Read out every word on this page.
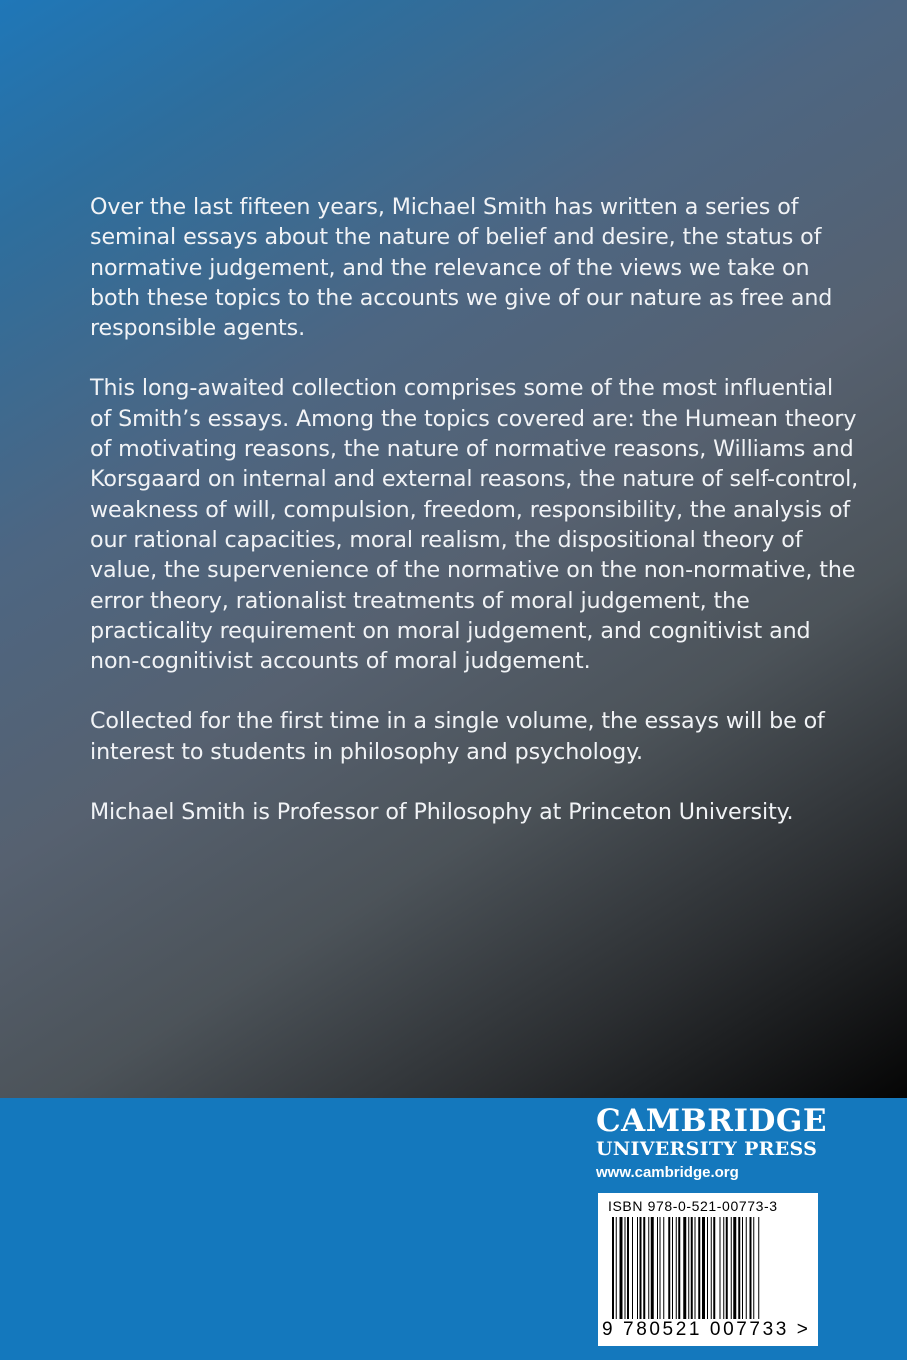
Over the last fifteen years, Michael Smith has written a series of seminal essays about the nature of belief and desire, the status of normative judgement, and the relevance of the views we take on both these topics to the accounts we give of our nature as free and responsible agents.

This long-awaited collection comprises some of the most influential of Smith’s essays. Among the topics covered are: the Humean theory of motivating reasons, the nature of normative reasons, Williams and Korsgaard on internal and external reasons, the nature of self-control, weakness of will, compulsion, freedom, responsibility, the analysis of our rational capacities, moral realism, the dispositional theory of value, the supervenience of the normative on the non-normative, the error theory, rationalist treatments of moral judgement, the practicality requirement on moral judgement, and cognitivist and non-cognitivist accounts of moral judgement.

Collected for the first time in a single volume, the essays will be of interest to students in philosophy and psychology.

Michael Smith is Professor of Philosophy at Princeton University.

CAMBRIDGE
UNIVERSITY PRESS
www.cambridge.org
ISBN 978-0-521-00773-3
9 780521 007733 >
